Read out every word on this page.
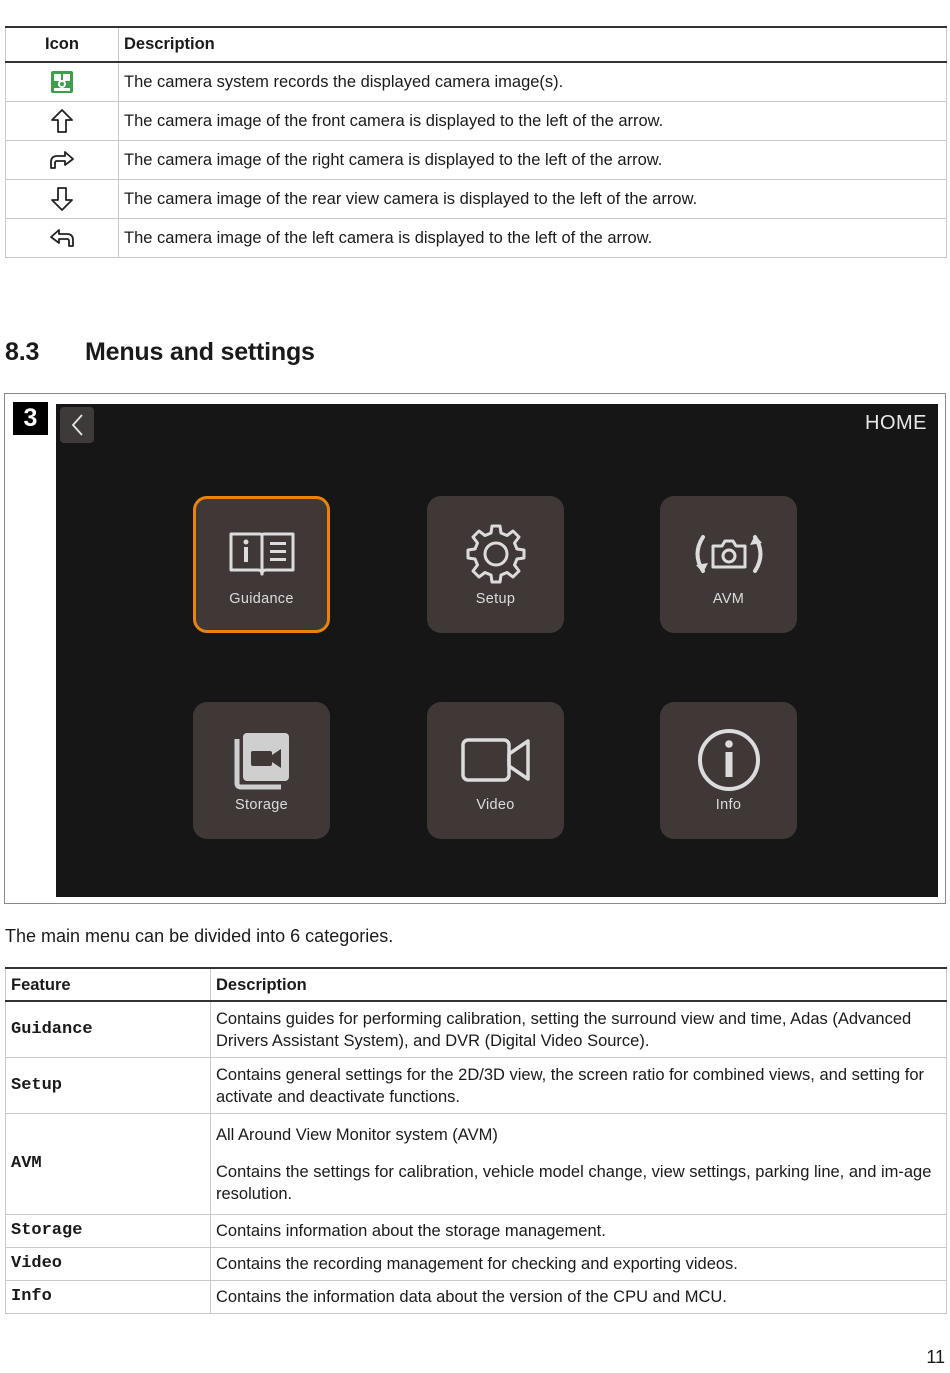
Icon	Description
	The camera system records the displayed camera image(s).
	The camera image of the front camera is displayed to the left of the arrow.
	The camera image of the right camera is displayed to the left of the arrow.
	The camera image of the rear view camera is displayed to the left of the arrow.
	The camera image of the left camera is displayed to the left of the arrow.
8.3 Menus and settings
3	HOME
Guidance	Setup	AVM
Storage	Video	Info

The main menu can be divided into 6 categories.

Feature	Description
Guidance	Contains guides for performing calibration, setting the surround view and time, Adas (Advanced Drivers Assistant System), and DVR (Digital Video Source).

Setup	Contains general settings for the 2D/3D view, the screen ratio for combined views, and setting for activate and deactivate functions.

AVM	All Around View Monitor system (AVM)

Contains the settings for calibration, vehicle model change, view settings, parking line, and im-age resolution.

Storage	Contains information about the storage management.

Video	Contains the recording management for checking and exporting videos.

Info	Contains the information data about the version of the CPU and MCU.

11
